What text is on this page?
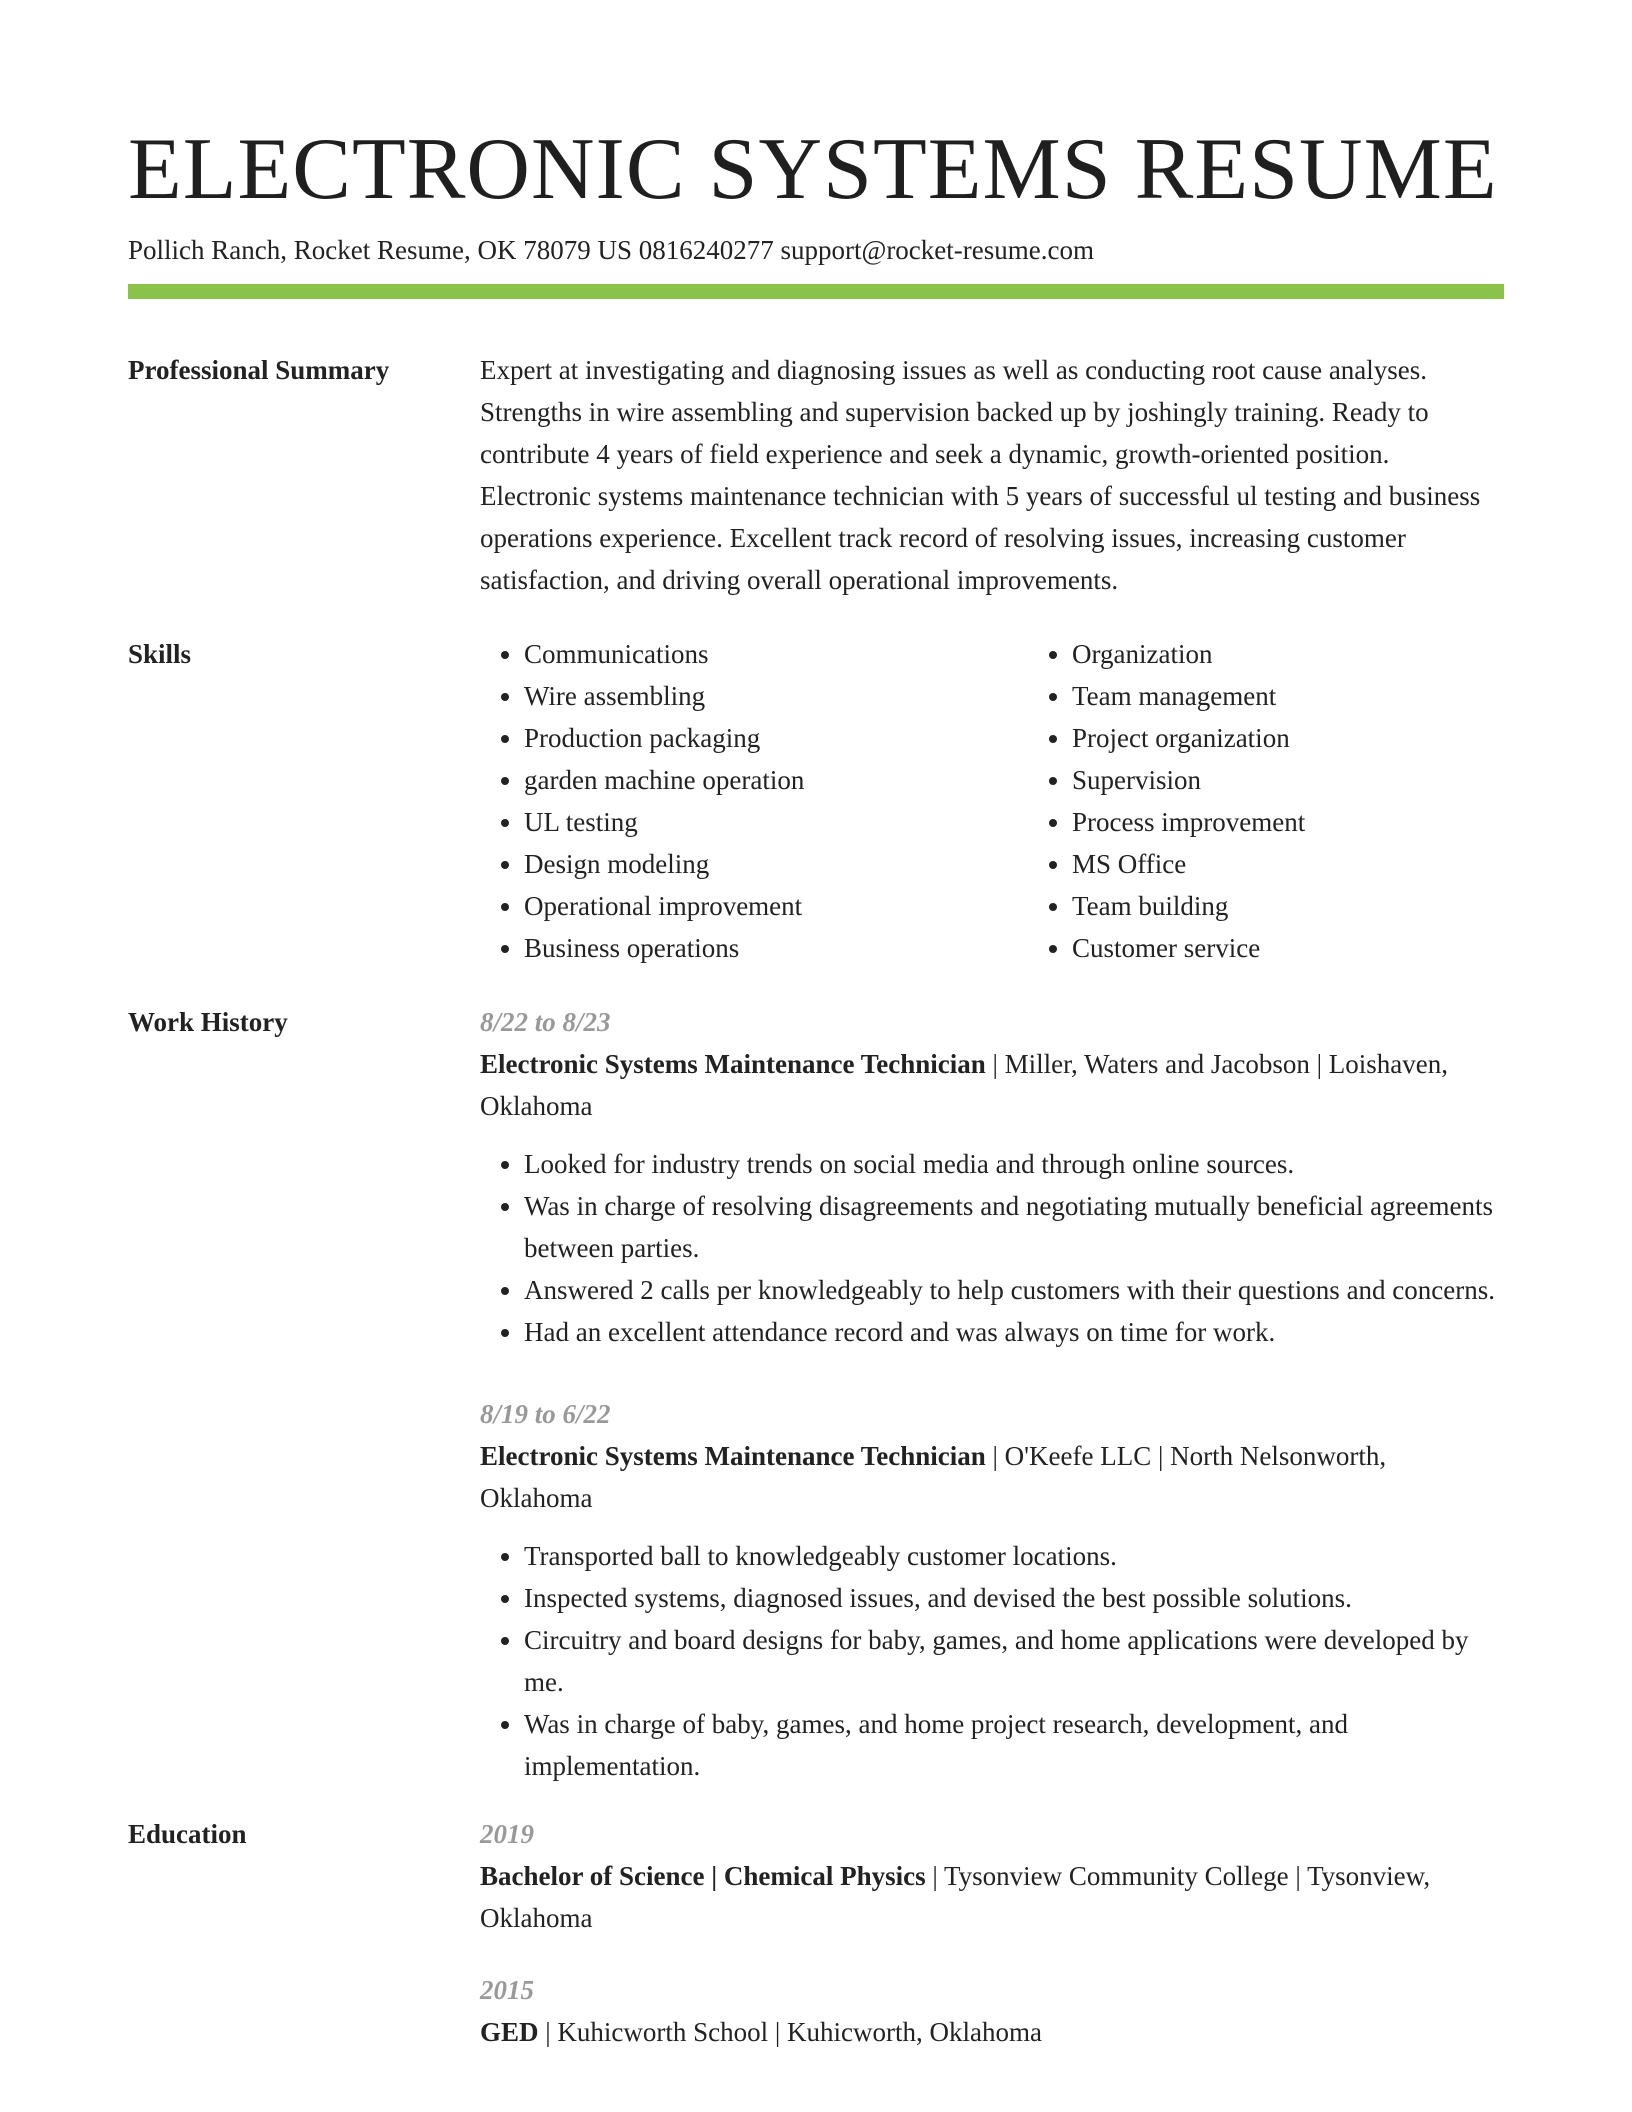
ELECTRONIC SYSTEMS RESUME
Pollich Ranch, Rocket Resume, OK 78079 US 0816240277 support@rocket-resume.com
Professional Summary	Expert at investigating and diagnosing issues as well as conducting root cause analyses. Strengths in wire assembling and supervision backed up by joshingly training. Ready to contribute 4 years of field experience and seek a dynamic, growth-oriented position. Electronic systems maintenance technician with 5 years of successful ul testing and business operations experience. Excellent track record of resolving issues, increasing customer satisfaction, and driving overall operational improvements.
Skills
•	Communications
• Wire assembling
• Production packaging
• garden machine operation
• UL testing
• Design modeling
• Operational improvement
• Business operations
• Organization
• Team management
• Project organization
• Supervision
• Process improvement
• MS Office
• Team building
• Customer service
Work History	8/22 to 8/23
Electronic Systems Maintenance Technician | Miller, Waters and Jacobson | Loishaven, Oklahoma
• Looked for industry trends on social media and through online sources.
• Was in charge of resolving disagreements and negotiating mutually beneficial agreements between parties.
• Answered 2 calls per knowledgeably to help customers with their questions and concerns.
• Had an excellent attendance record and was always on time for work.
8/19 to 6/22
Electronic Systems Maintenance Technician | O'Keefe LLC | North Nelsonworth, Oklahoma
• Transported ball to knowledgeably customer locations.
• Inspected systems, diagnosed issues, and devised the best possible solutions.
• Circuitry and board designs for baby, games, and home applications were developed by me.
• Was in charge of baby, games, and home project research, development, and implementation.
Education	2019
Bachelor of Science | Chemical Physics | Tysonview Community College | Tysonview, Oklahoma
2015
GED | Kuhicworth School | Kuhicworth, Oklahoma
